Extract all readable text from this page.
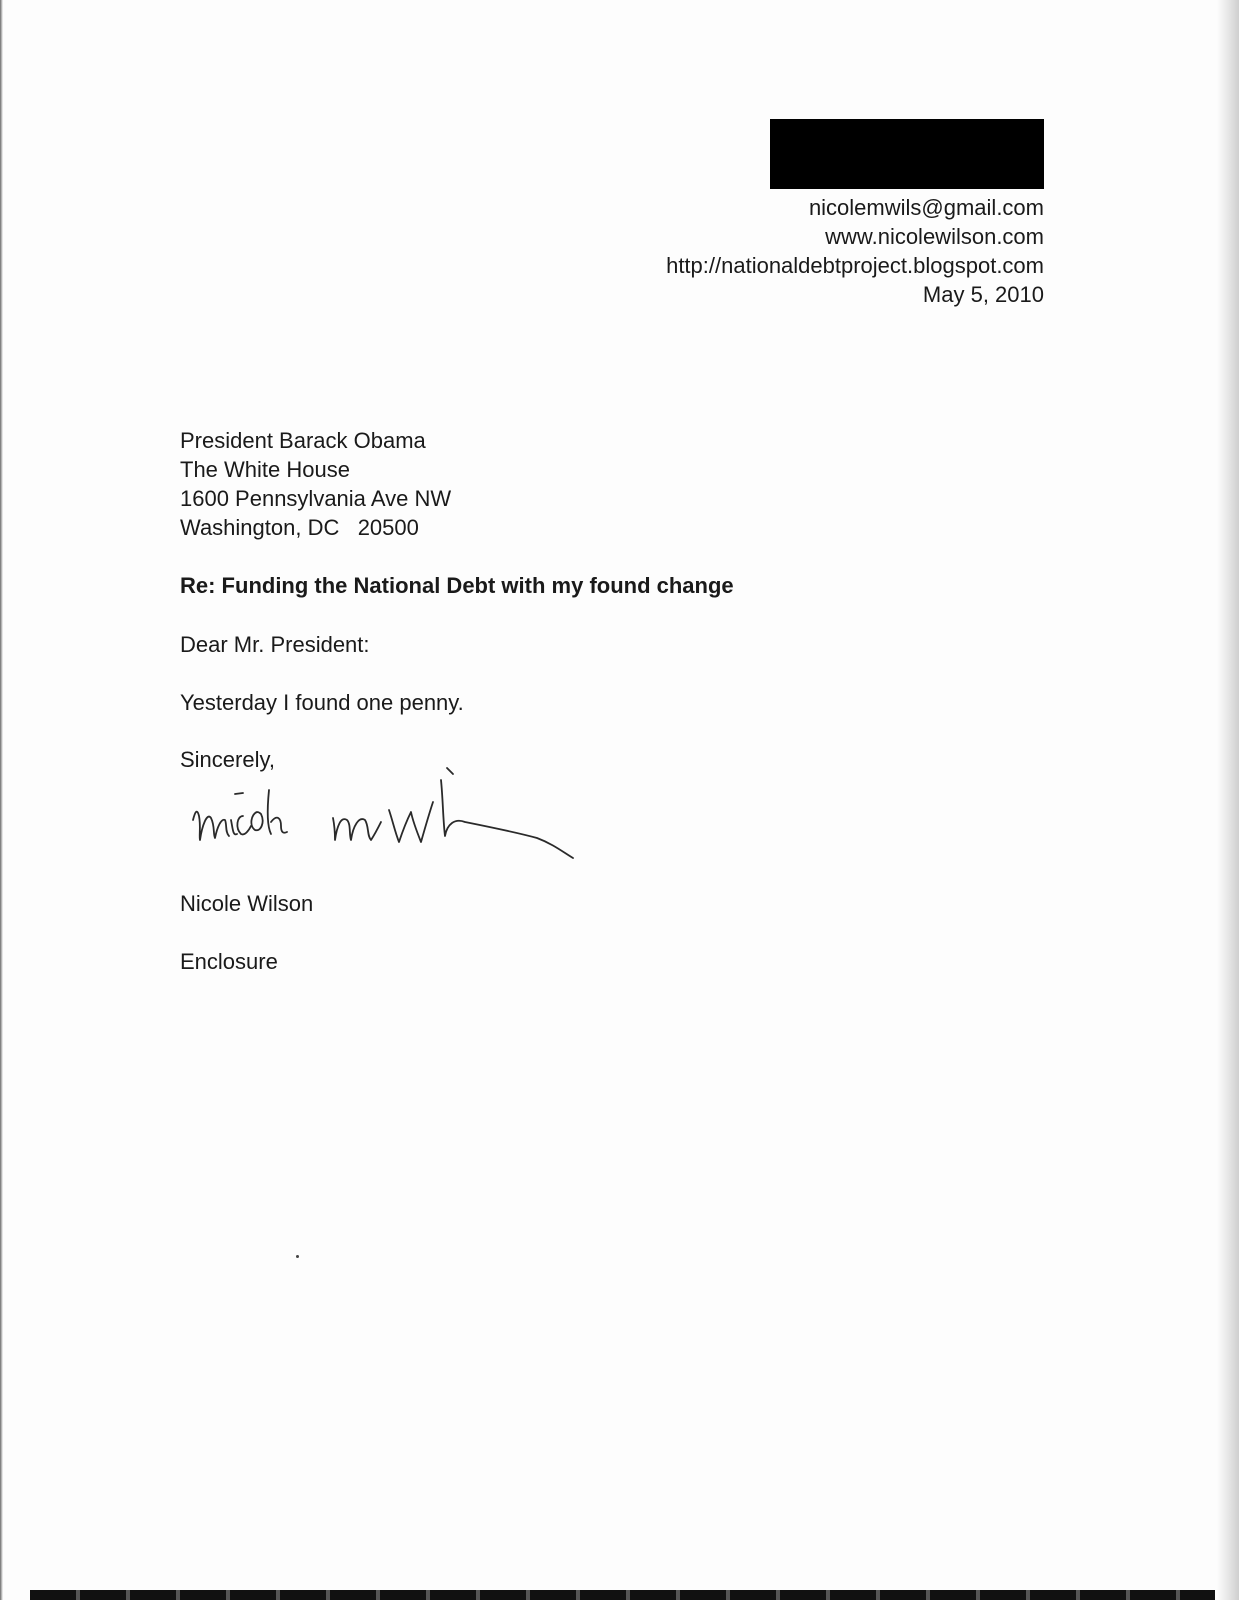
nicolemwils@gmail.com
www.nicolewilson.com
http://nationaldebtproject.blogspot.com
May 5, 2010
President Barack Obama
The White House
1600 Pennsylvania Ave NW
Washington, DC   20500
Re: Funding the National Debt with my found change
Dear Mr. President:
Yesterday I found one penny.
Sincerely,
Nicole Wilson
Enclosure
